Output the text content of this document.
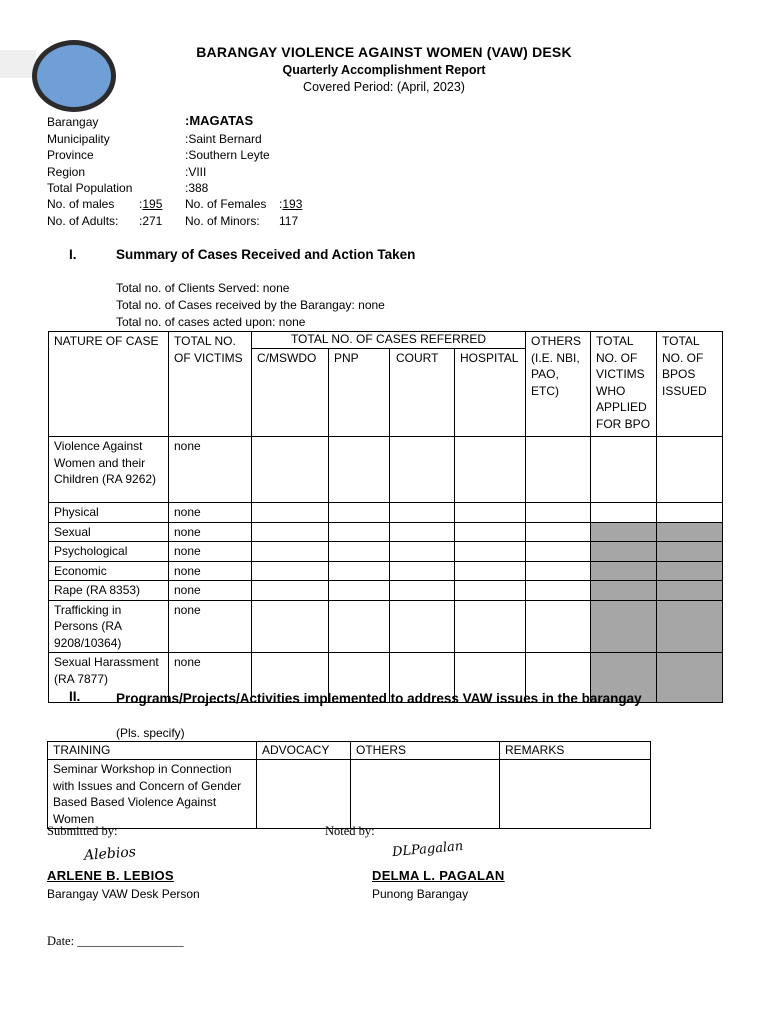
BARANGAY VIOLENCE AGAINST WOMEN (VAW) DESK
Quarterly Accomplishment Report
Covered Period: (April, 2023)
Barangay	:MAGATAS
Municipality	:Saint Bernard
Province	:Southern Leyte
Region	:VIII
Total Population	:388
No. of males :195 No. of Females :193
No. of Adults: :271 No. of Minors: 117
I.	Summary of Cases Received and Action Taken
Total no. of Clients Served: none
Total no. of Cases received by the Barangay: none
Total no. of cases acted upon: none
NATURE OF CASE	TOTAL NO. OF VICTIMS	TOTAL NO. OF CASES REFERRED				OTHERS (I.E. NBI, PAO, ETC)	TOTAL NO. OF VICTIMS WHO APPLIED FOR BPO	TOTAL NO. OF BPOS ISSUED
		C/MSWDO	PNP	COURT	HOSPITAL			
Violence Against Women and their Children (RA 9262)	none							
Physical	none							
Sexual	none							
Psychological	none							
Economic	none							
Rape (RA 8353)	none							
Trafficking in Persons (RA 9208/10364)	none							
Sexual Harassment (RA 7877)	none							
II.	Programs/Projects/Activities implemented to address VAW issues in the barangay
(Pls. specify)
TRAINING	ADVOCACY	OTHERS	REMARKS
Seminar Workshop in Connection with Issues and Concern of Gender Based Based Violence Against Women			
Submitted by:	Noted by:
Alebios	DLPagalan
ARLENE B. LEBIOS
Barangay VAW Desk Person
DELMA L. PAGALAN
Punong Barangay
Date: _________________
